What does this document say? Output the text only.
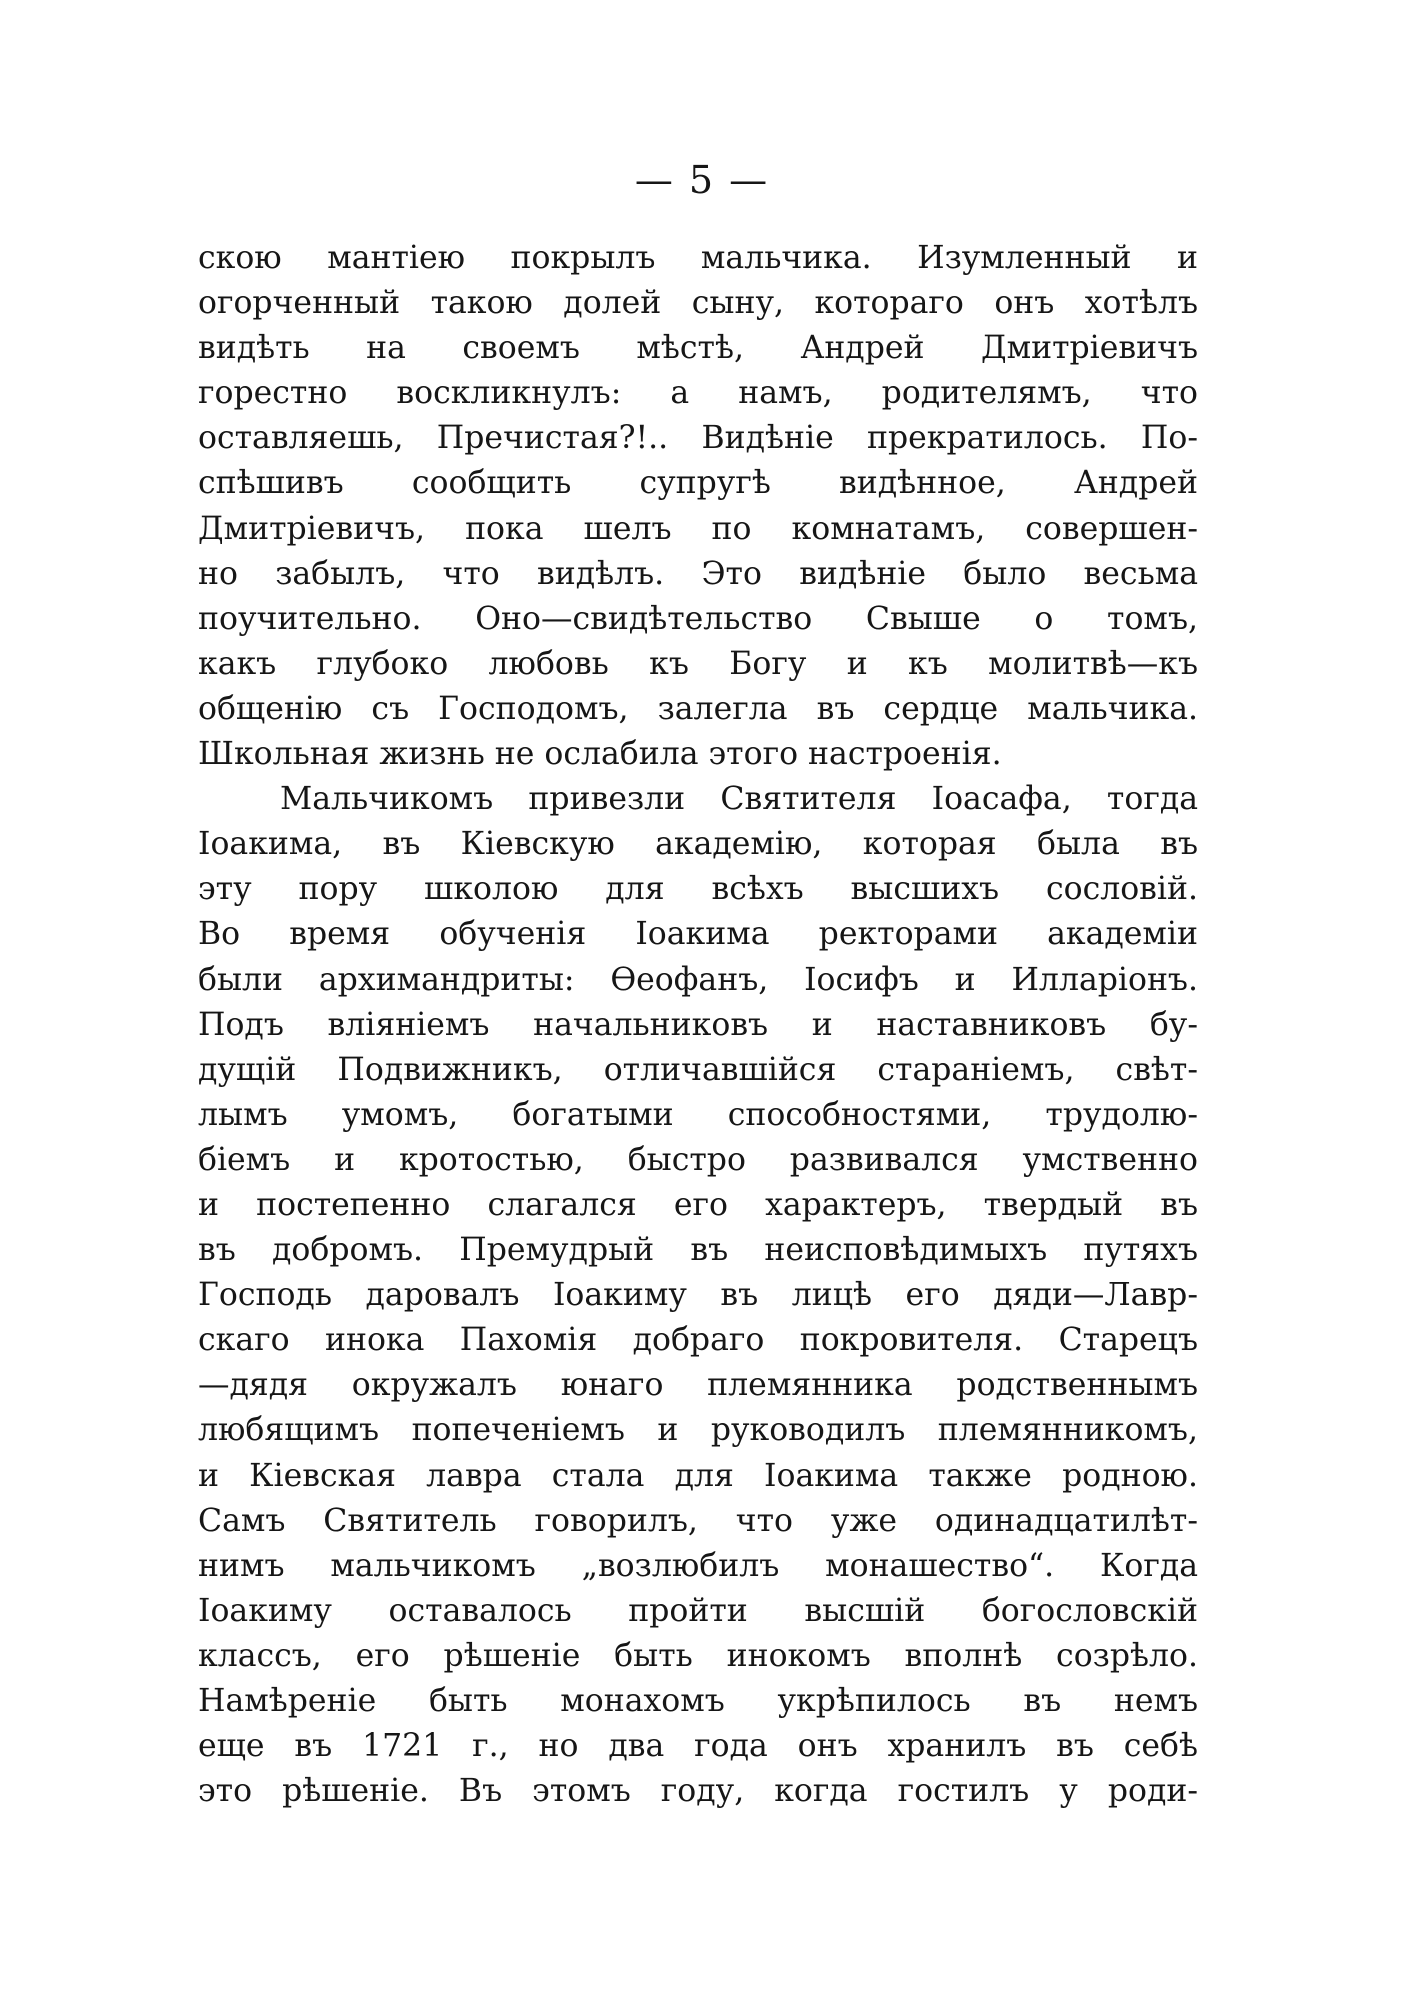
— 5 —
скою мантіею покрылъ мальчика. Изумленный и
огорченный такою долей сыну, котораго онъ хотѣлъ
видѣть на своемъ мѣстѣ, Андрей Дмитріевичъ
горестно воскликнулъ: а намъ, родителямъ, что
оставляешь, Пречистая?!.. Видѣніе прекратилось. По-
спѣшивъ сообщить супругѣ видѣнное, Андрей
Дмитріевичъ, пока шелъ по комнатамъ, совершен-
но забылъ, что видѣлъ. Это видѣніе было весьма
поучительно. Оно—свидѣтельство Свыше о томъ,
какъ глубоко любовь къ Богу и къ молитвѣ—къ
общенію съ Господомъ, залегла въ сердце мальчика.
Школьная жизнь не ослабила этого настроенія.
Мальчикомъ привезли Святителя Іоасафа, тогда
Іоакима, въ Кіевскую академію, которая была въ
эту пору школою для всѣхъ высшихъ сословій.
Во время обученія Іоакима ректорами академіи
были архимандриты: Ѳеофанъ, Іосифъ и Илларіонъ.
Подъ вліяніемъ начальниковъ и наставниковъ бу-
дущій Подвижникъ, отличавшійся стараніемъ, свѣт-
лымъ умомъ, богатыми способностями, трудолю-
біемъ и кротостью, быстро развивался умственно
и постепенно слагался его характеръ, твердый въ
въ добромъ. Премудрый въ неисповѣдимыхъ путяхъ
Господь даровалъ Іоакиму въ лицѣ его дяди—Лавр-
скаго инока Пахомія добраго покровителя. Старецъ
—дядя окружалъ юнаго племянника родственнымъ
любящимъ попеченіемъ и руководилъ племянникомъ,
и Кіевская лавра стала для Іоакима также родною.
Самъ Святитель говорилъ, что уже одинадцатилѣт-
нимъ мальчикомъ „возлюбилъ монашество“. Когда
Іоакиму оставалось пройти высшій богословскій
классъ, его рѣшеніе быть инокомъ вполнѣ созрѣло.
Намѣреніе быть монахомъ укрѣпилось въ немъ
еще въ 1721 г., но два года онъ хранилъ въ себѣ
это рѣшеніе. Въ этомъ году, когда гостилъ у роди-
